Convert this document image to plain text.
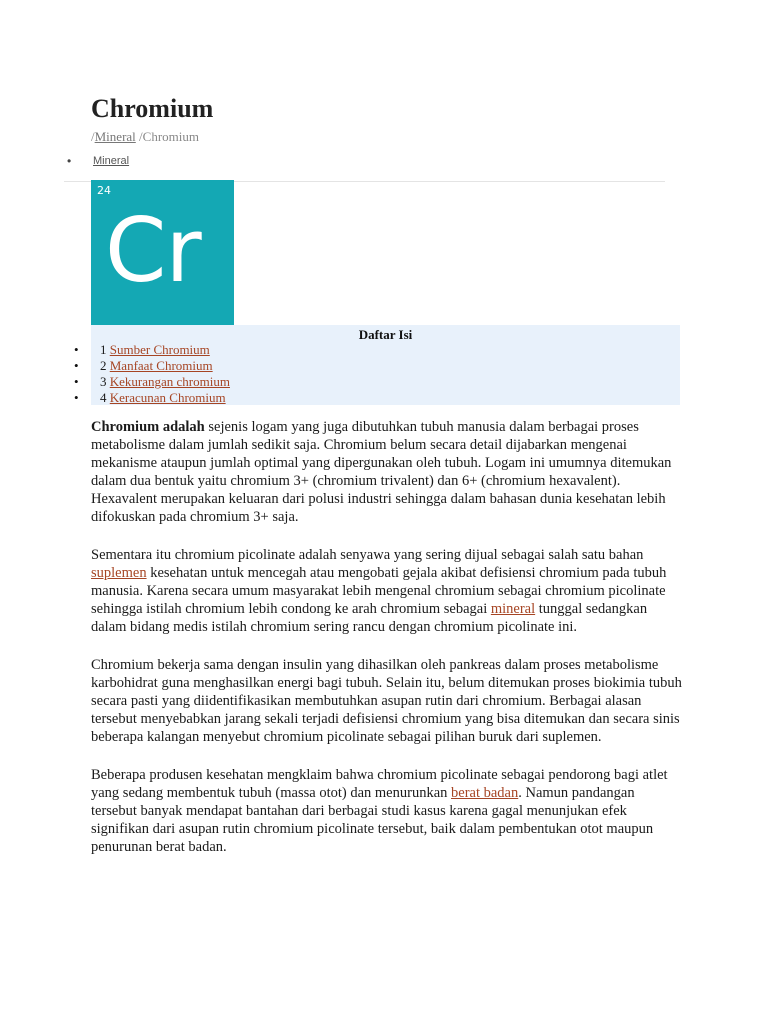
Chromium
/Mineral /Chromium
• Mineral
24
Cr
Daftar Isi
• 1 Sumber Chromium
• 2 Manfaat Chromium
• 3 Kekurangan chromium
• 4 Keracunan Chromium

Chromium adalah sejenis logam yang juga dibutuhkan tubuh manusia dalam berbagai proses metabolisme dalam jumlah sedikit saja. Chromium belum secara detail dijabarkan mengenai mekanisme ataupun jumlah optimal yang dipergunakan oleh tubuh. Logam ini umumnya ditemukan dalam dua bentuk yaitu chromium 3+ (chromium trivalent) dan 6+ (chromium hexavalent). Hexavalent merupakan keluaran dari polusi industri sehingga dalam bahasan dunia kesehatan lebih difokuskan pada chromium 3+ saja.

Sementara itu chromium picolinate adalah senyawa yang sering dijual sebagai salah satu bahan suplemen kesehatan untuk mencegah atau mengobati gejala akibat defisiensi chromium pada tubuh manusia. Karena secara umum masyarakat lebih mengenal chromium sebagai chromium picolinate sehingga istilah chromium lebih condong ke arah chromium sebagai mineral tunggal sedangkan dalam bidang medis istilah chromium sering rancu dengan chromium picolinate ini.

Chromium bekerja sama dengan insulin yang dihasilkan oleh pankreas dalam proses metabolisme karbohidrat guna menghasilkan energi bagi tubuh. Selain itu, belum ditemukan proses biokimia tubuh secara pasti yang diidentifikasikan membutuhkan asupan rutin dari chromium. Berbagai alasan tersebut menyebabkan jarang sekali terjadi defisiensi chromium yang bisa ditemukan dan secara sinis beberapa kalangan menyebut chromium picolinate sebagai pilihan buruk dari suplemen.

Beberapa produsen kesehatan mengklaim bahwa chromium picolinate sebagai pendorong bagi atlet yang sedang membentuk tubuh (massa otot) dan menurunkan berat badan. Namun pandangan tersebut banyak mendapat bantahan dari berbagai studi kasus karena gagal menunjukan efek signifikan dari asupan rutin chromium picolinate tersebut, baik dalam pembentukan otot maupun penurunan berat badan.
